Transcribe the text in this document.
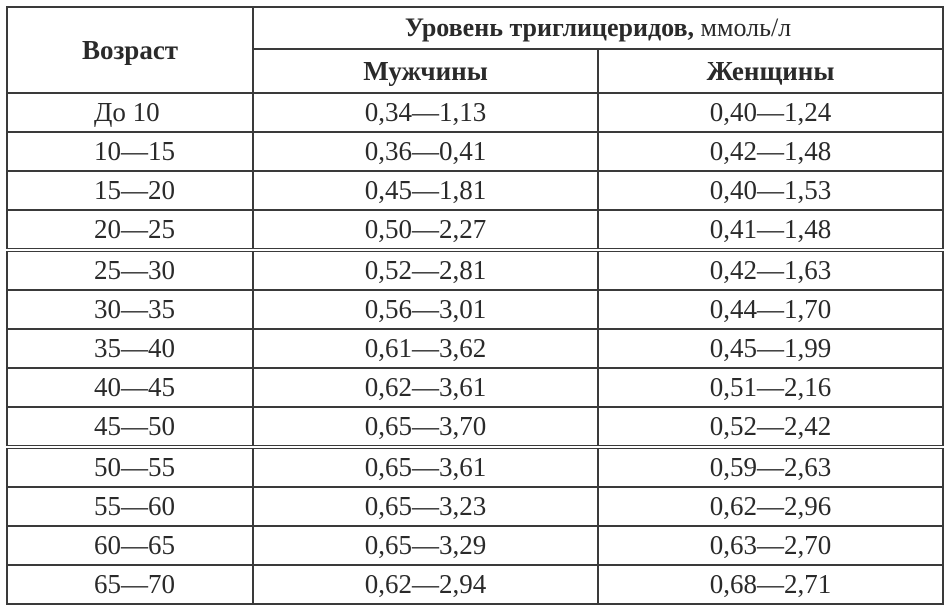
Возраст	Уровень триглицеридов, ммоль/л	
	Мужчины	Женщины
До 10	0,34—1,13	0,40—1,24
10—15	0,36—0,41	0,42—1,48
15—20	0,45—1,81	0,40—1,53
20—25	0,50—2,27	0,41—1,48
25—30	0,52—2,81	0,42—1,63
30—35	0,56—3,01	0,44—1,70
35—40	0,61—3,62	0,45—1,99
40—45	0,62—3,61	0,51—2,16
45—50	0,65—3,70	0,52—2,42
50—55	0,65—3,61	0,59—2,63
55—60	0,65—3,23	0,62—2,96
60—65	0,65—3,29	0,63—2,70
65—70	0,62—2,94	0,68—2,71
